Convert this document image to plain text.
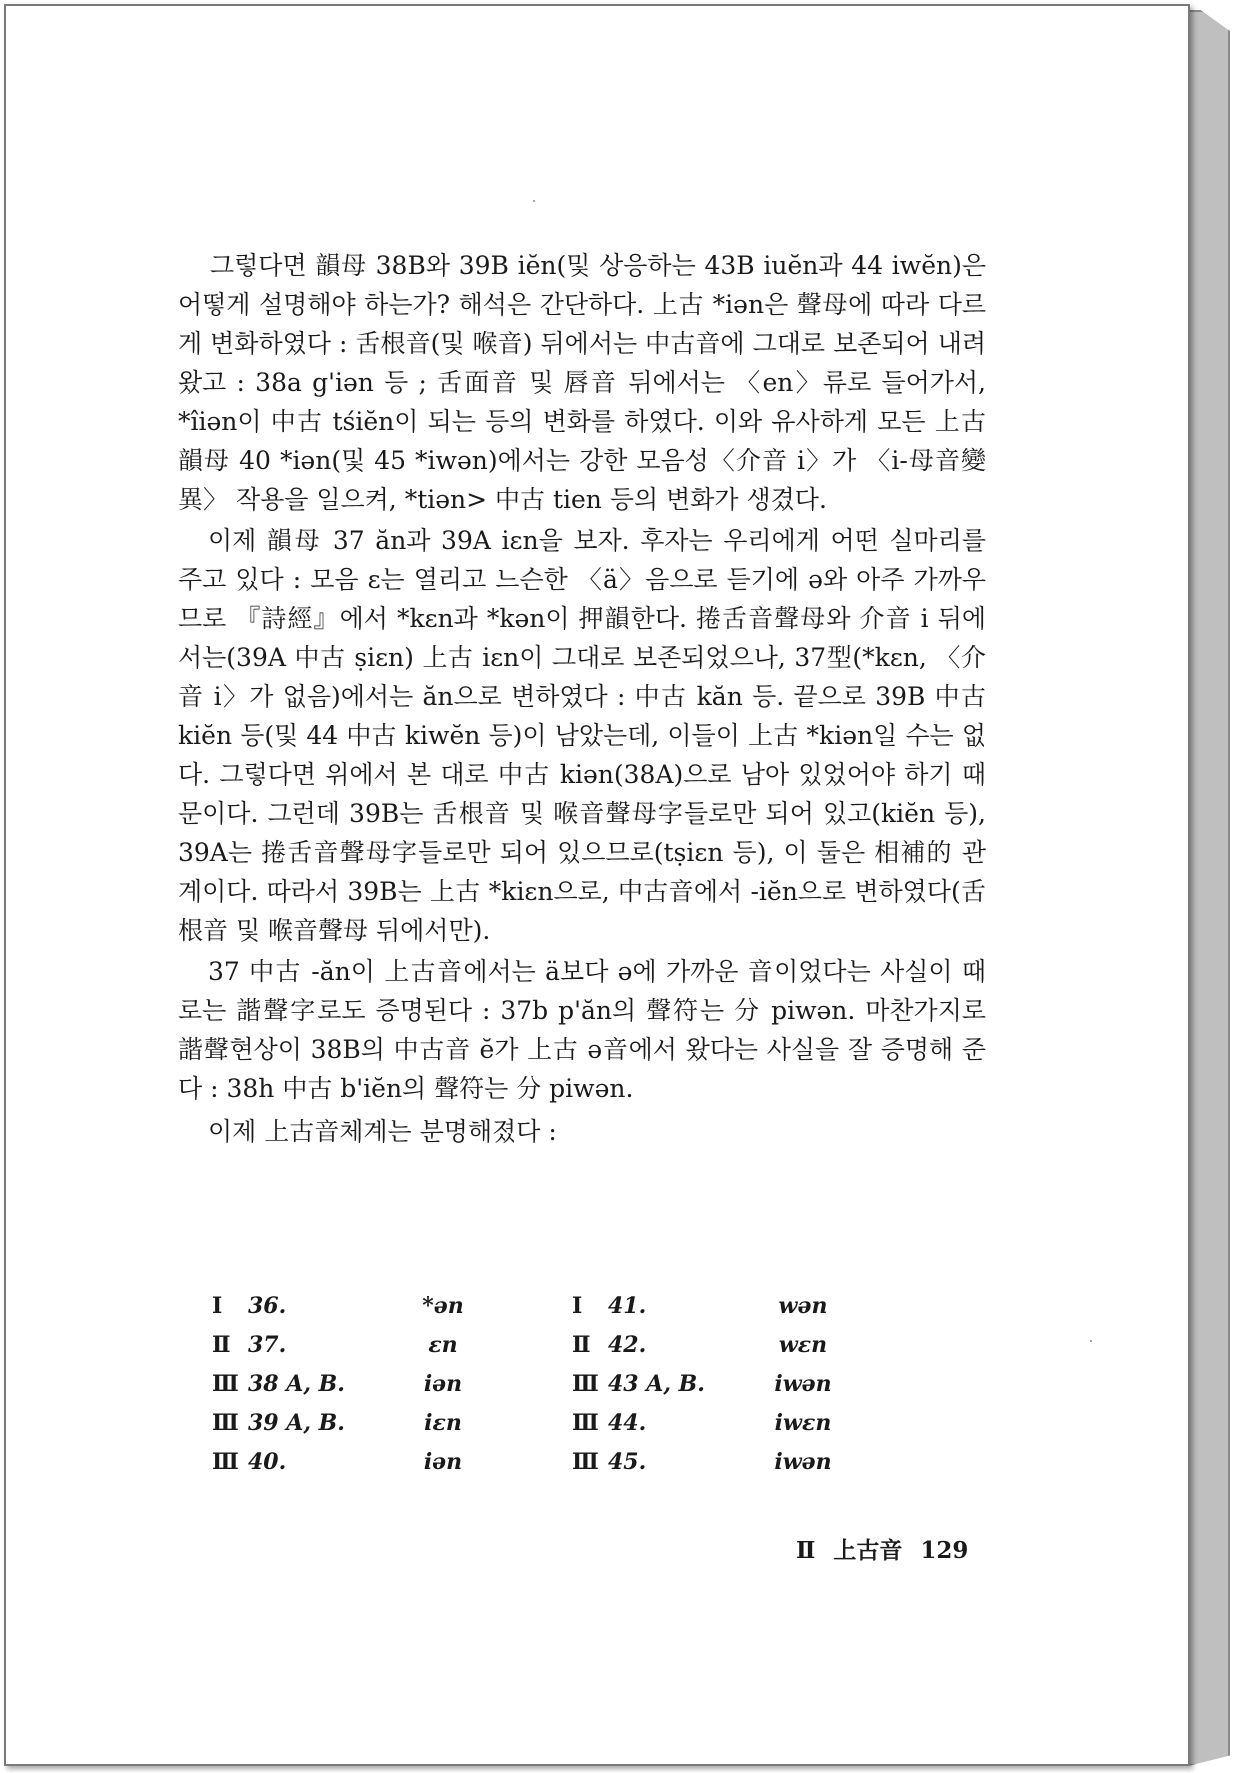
그렇다면 韻母 38B와 39B iĕn(및 상응하는 43B iuĕn과 44 iwĕn)은 어떻게 설명해야 하는가? 해석은 간단하다. 上古 *iən은 聲母에 따라 다르게 변화하였다 : 舌根音(및 喉音) 뒤에서는 中古音에 그대로 보존되어 내려왔고 : 38a g'iən 등 ; 舌面音 및 唇音 뒤에서는 〈en〉류로 들어가서, *îiən이 中古 tśiĕn이 되는 등의 변화를 하였다. 이와 유사하게 모든 上古韻母 40 *iən(및 45 *iwən)에서는 강한 모음성〈介音 i〉가 〈i-母音變異〉 작용을 일으켜, *tiən> 中古 tien 등의 변화가 생겼다.

이제 韻母 37 ăn과 39A iɛn을 보자. 후자는 우리에게 어떤 실마리를 주고 있다 : 모음 ɛ는 열리고 느슨한 〈ä〉음으로 듣기에 ə와 아주 가까우므로 『詩經』에서 *kɛn과 *kən이 押韻한다. 捲舌音聲母와 介音 i 뒤에서는(39A 中古 ṣiɛn) 上古 iɛn이 그대로 보존되었으나, 37型(*kɛn, 〈介音 i〉가 없음)에서는 ăn으로 변하였다 : 中古 kăn 등. 끝으로 39B 中古 kiĕn 등(및 44 中古 kiwĕn 등)이 남았는데, 이들이 上古 *kiən일 수는 없다. 그렇다면 위에서 본 대로 中古 kiən(38A)으로 남아 있었어야 하기 때문이다. 그런데 39B는 舌根音 및 喉音聲母字들로만 되어 있고(kiĕn 등), 39A는 捲舌音聲母字들로만 되어 있으므로(tṣiɛn 등), 이 둘은 相補的 관계이다. 따라서 39B는 上古 *kiɛn으로, 中古音에서 -iĕn으로 변하였다(舌根音 및 喉音聲母 뒤에서만).

37 中古 -ăn이 上古音에서는 ä보다 ə에 가까운 音이었다는 사실이 때로는 諧聲字로도 증명된다 : 37b p'ăn의 聲符는 分 piwən. 마찬가지로 諧聲현상이 38B의 中古音 ĕ가 上古 ə音에서 왔다는 사실을 잘 증명해 준다 : 38h 中古 b'iĕn의 聲符는 分 piwən.

이제 上古音체계는 분명해졌다 :

Ⅰ	36.	*ən		Ⅰ	41.	wən
Ⅱ	37.	ɛn		Ⅱ	42.	wɛn
Ⅲ	38 A, B.	iən		Ⅲ	43 A, B.	iwən
Ⅲ	39 A, B.	iɛn		Ⅲ	44.	iwɛn
Ⅲ	40.	iən		Ⅲ	45.	iwən
Ⅱ 上古音 129
